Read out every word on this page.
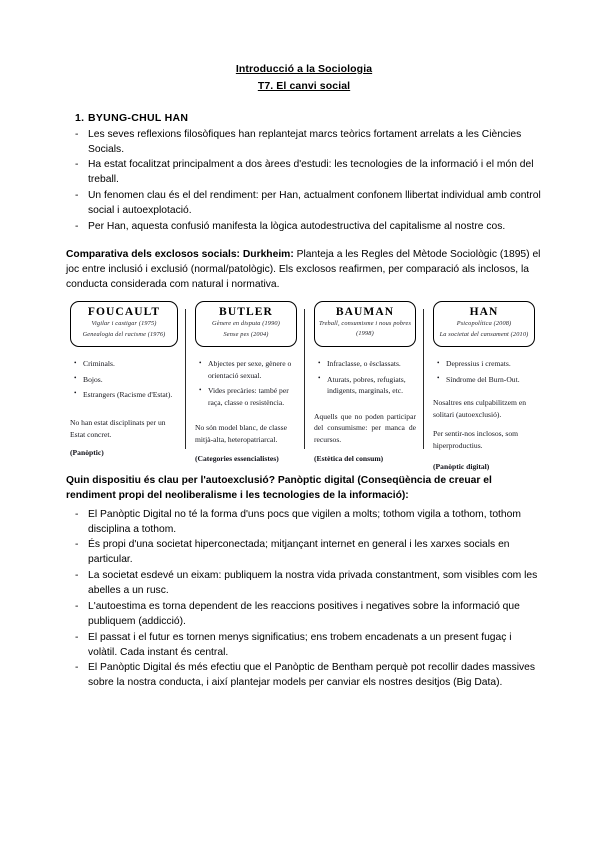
Introducció a la Sociologia
T7. El canvi social
1. BYUNG-CHUL HAN
- Les seves reflexions filosòfiques han replantejat marcs teòrics fortament arrelats a les Ciències Socials.
- Ha estat focalitzat principalment a dos àrees d'estudi: les tecnologies de la informació i el món del treball.
- Un fenomen clau és el del rendiment: per Han, actualment confonem llibertat individual amb control social i autoexplotació.
- Per Han, aquesta confusió manifesta la lògica autodestructiva del capitalisme al nostre cos.
Comparativa dels exclosos socials: Durkheim: Planteja a les Regles del Mètode Sociològic (1895) el joc entre inclusió i exclusió (normal/patològic). Els exclosos reafirmen, per comparació als inclosos, la conducta considerada com natural i normativa.
FOUCAULT
Vigilar i castigar (1975)
Genealogia del racisme (1976)
• Criminals.
• Bojos.
• Estrangers (Racisme d'Estat).
No han estat disciplinats per un Estat concret.
(Panòptic)
BUTLER
Gènere en disputa (1990)
Sense pes (2004)
• Abjectes per sexe, gènere o orientació sexual.
• Vides precàries: també per raça, classe o resistència.
No són model blanc, de classe mitjà-alta, heteropatriarcal.
(Categories essencialistes)
BAUMAN
Treball, consumisme i nous pobres (1998)
• Infraclasse, o èsclassats.
• Aturats, pobres, refugiats, indigents, marginals, etc.
Aquells que no poden participar del consumisme: per manca de recursos.
(Estètica del consum)
HAN
Psicopolítica (2008)
La societat del cansament (2010)
• Depressius i cremats.
• Síndrome del Burn-Out.
Nosaltres ens culpabilitzem en solitari (autoexclusió).
Per sentir-nos inclosos, som hiperproductius.
(Panòptic digital)
Quin dispositiu és clau per l'autoexclusió? Panòptic digital (Conseqüència de creuar el rendiment propi del neoliberalisme i les tecnologies de la informació):
- El Panòptic Digital no té la forma d'uns pocs que vigilen a molts; tothom vigila a tothom, tothom disciplina a tothom.
- És propi d'una societat hiperconectada; mitjançant internet en general i les xarxes socials en particular.
- La societat esdevé un eixam: publiquem la nostra vida privada constantment, som visibles com les abelles a un rusc.
- L'autoestima es torna dependent de les reaccions positives i negatives sobre la informació que publiquem (addicció).
- El passat i el futur es tornen menys significatius; ens trobem encadenats a un present fugaç i volàtil. Cada instant és central.
- El Panòptic Digital és més efectiu que el Panòptic de Bentham perquè pot recollir dades massives sobre la nostra conducta, i així plantejar models per canviar els nostres desitjos (Big Data).
